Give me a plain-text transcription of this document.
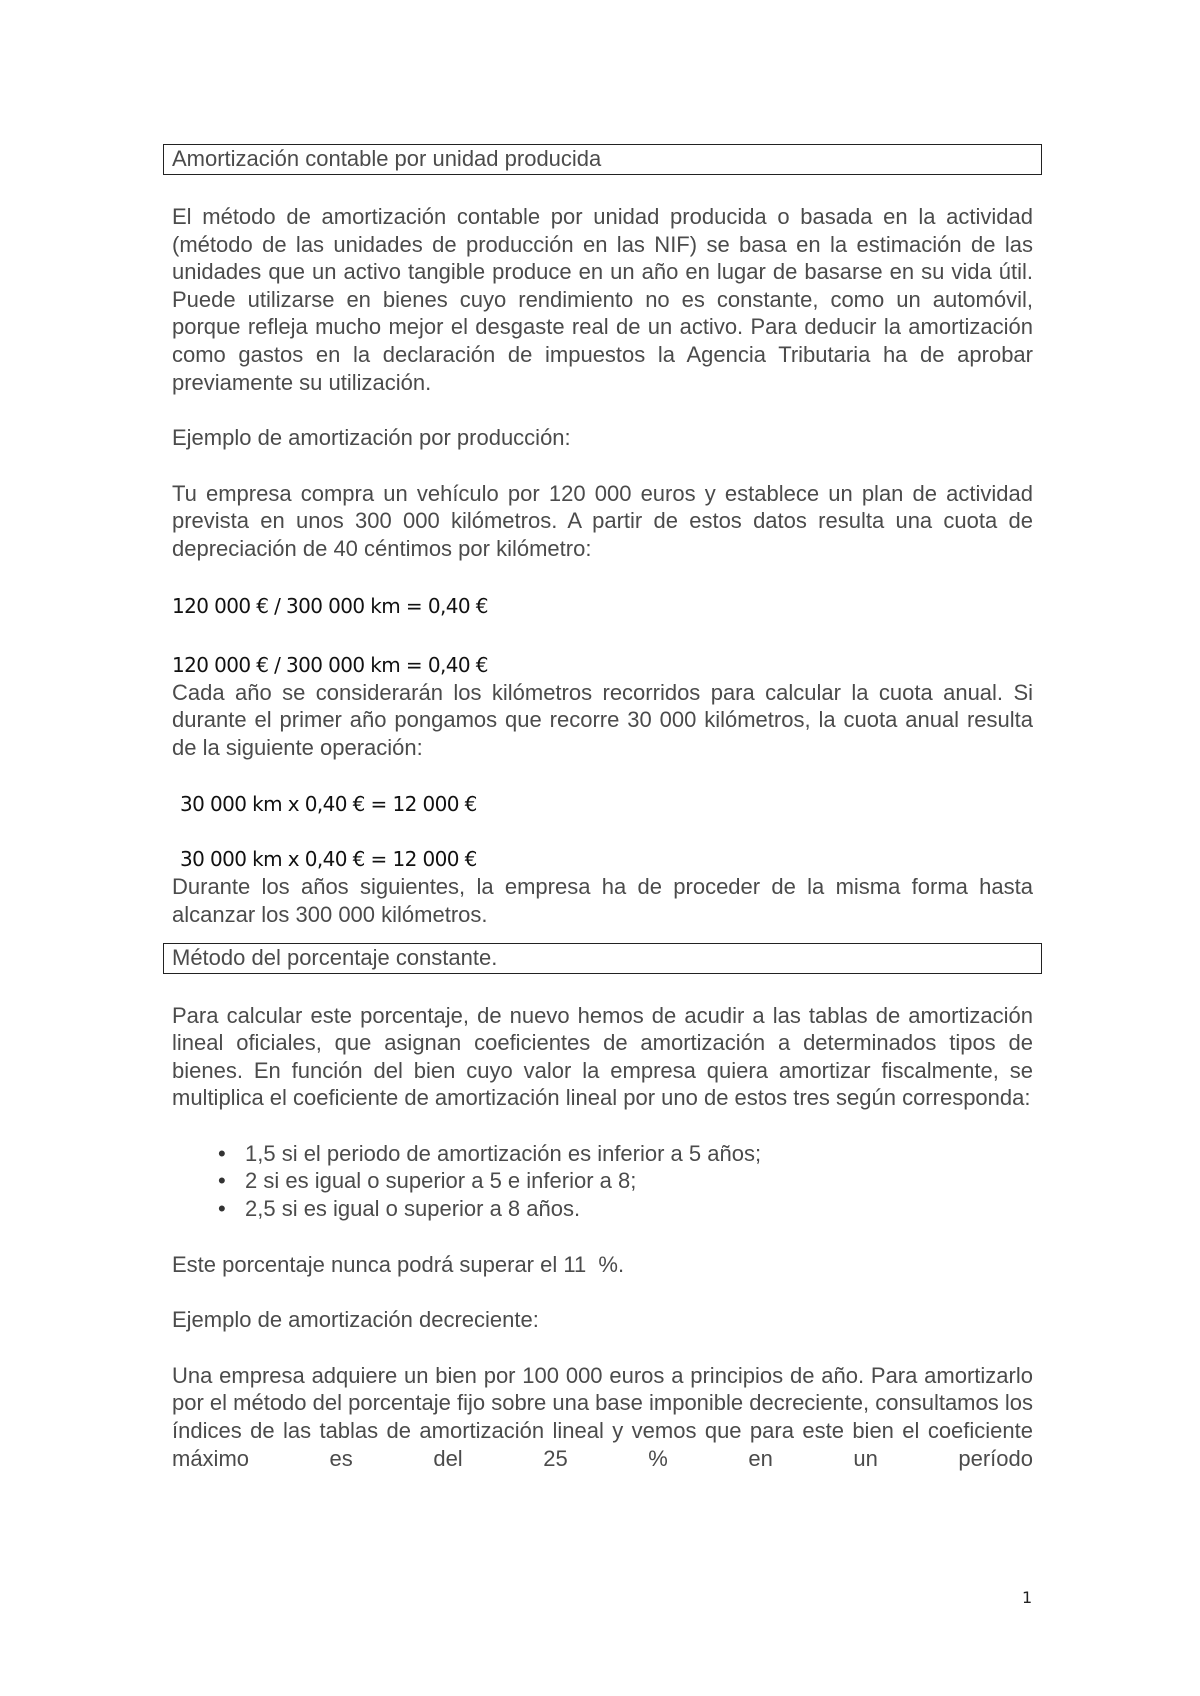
Amortización contable por unidad producida

El método de amortización contable por unidad producida o basada en la actividad (método de las unidades de producción en las NIF) se basa en la estimación de las unidades que un activo tangible produce en un año en lugar de basarse en su vida útil. Puede utilizarse en bienes cuyo rendimiento no es constante, como un automóvil, porque refleja mucho mejor el desgaste real de un activo. Para deducir la amortización como gastos en la declaración de impuestos la Agencia Tributaria ha de aprobar previamente su utilización.

Ejemplo de amortización por producción:

Tu empresa compra un vehículo por 120 000 euros y establece un plan de actividad prevista en unos 300 000 kilómetros. A partir de estos datos resulta una cuota de depreciación de 40 céntimos por kilómetro:

120 000 € / 300 000 km = 0,40 €

120 000 € / 300 000 km = 0,40 €

Cada año se considerarán los kilómetros recorridos para calcular la cuota anual. Si durante el primer año pongamos que recorre 30 000 kilómetros, la cuota anual resulta de la siguiente operación:

30 000 km x 0,40 € = 12 000 €

30 000 km x 0,40 € = 12 000 €

Durante los años siguientes, la empresa ha de proceder de la misma forma hasta alcanzar los 300 000 kilómetros.

Método del porcentaje constante.

Para calcular este porcentaje, de nuevo hemos de acudir a las tablas de amortización lineal oficiales, que asignan coeficientes de amortización a determinados tipos de bienes. En función del bien cuyo valor la empresa quiera amortizar fiscalmente, se multiplica el coeficiente de amortización lineal por uno de estos tres según corresponda:

• 1,5 si el periodo de amortización es inferior a 5 años;
• 2 si es igual o superior a 5 e inferior a 8;
• 2,5 si es igual o superior a 8 años.

Este porcentaje nunca podrá superar el 11  %.

Ejemplo de amortización decreciente:

Una empresa adquiere un bien por 100 000 euros a principios de año. Para amortizarlo por el método del porcentaje fijo sobre una base imponible decreciente, consultamos los índices de las tablas de amortización lineal y vemos que para este bien el coeficiente máximo es del 25 % en un período

1
